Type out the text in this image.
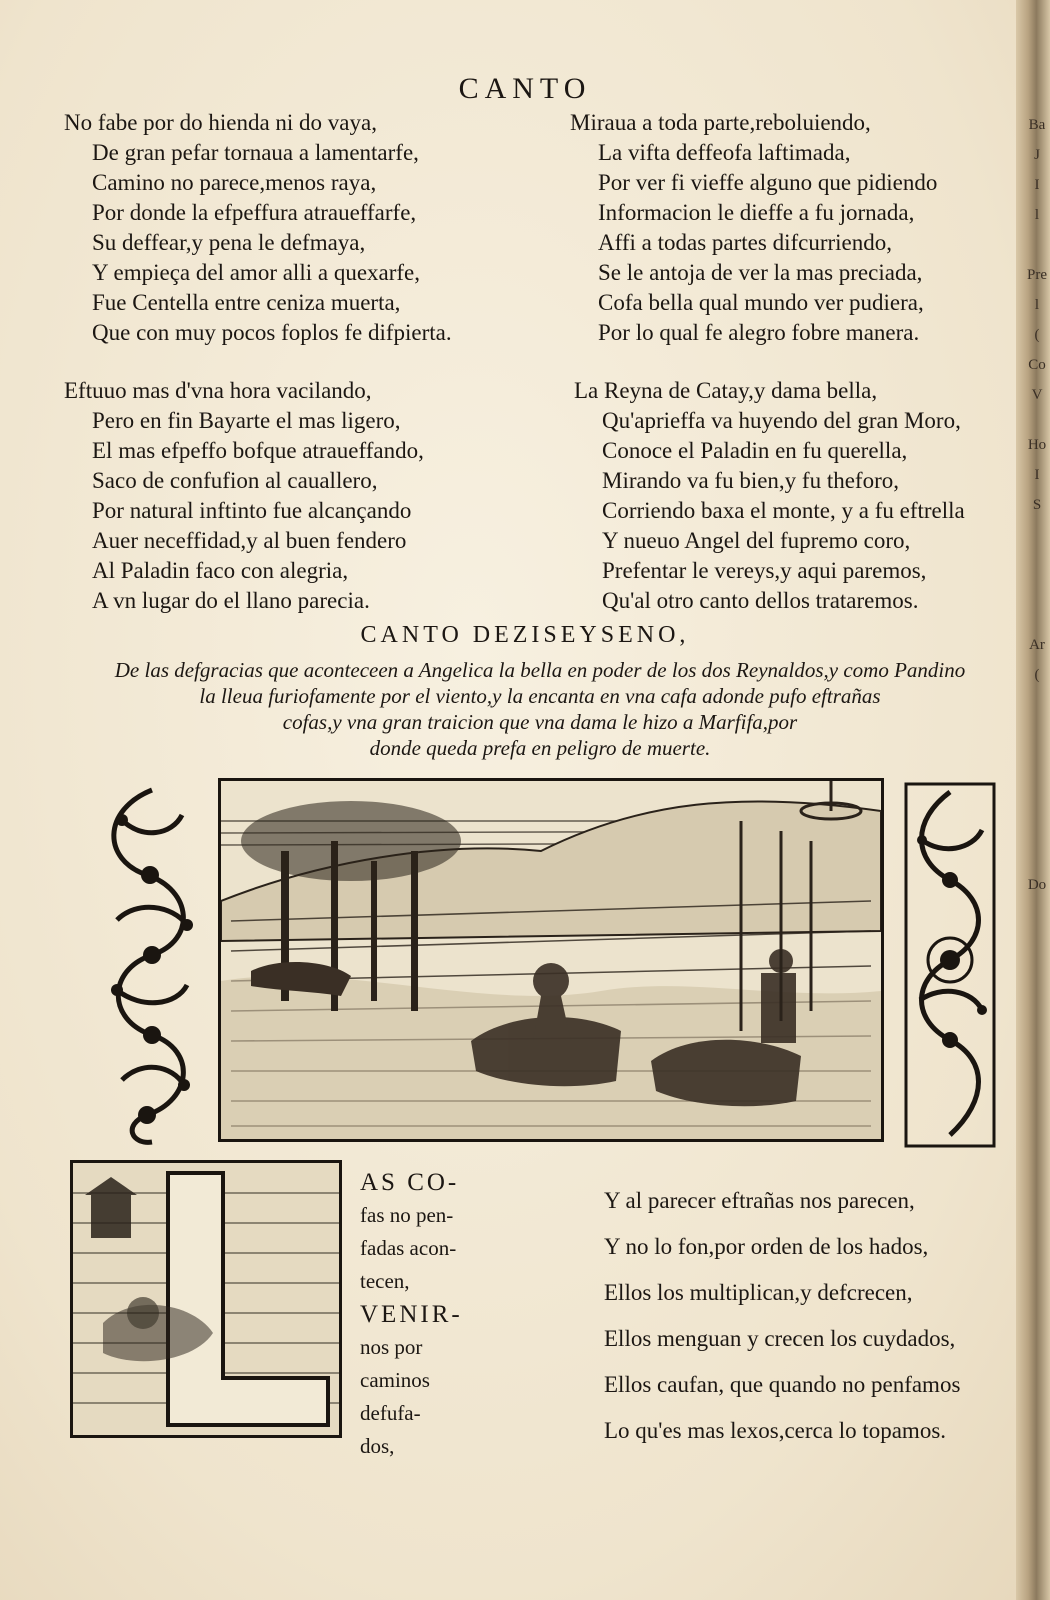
Ba
J
I
l
Pre
l
(
Co
V
Ho
I
S
Ar
(
Do
CANTO
No fabe por do hienda ni do vaya,
De gran pefar tornaua a lamentarfe,
Camino no parece,menos raya,
Por donde la efpeffura atraueffarfe,
Su deffear,y pena le defmaya,
Y empieça del amor alli a quexarfe,
Fue Centella entre ceniza muerta,
Que con muy pocos foplos fe difpierta.
Miraua a toda parte,reboluiendo,
La vifta deffeofa laftimada,
Por ver fi vieffe alguno que pidiendo
Informacion le dieffe a fu jornada,
Affi a todas partes difcurriendo,
Se le antoja de ver la mas preciada,
Cofa bella qual mundo ver pudiera,
Por lo qual fe alegro fobre manera.
Eftuuo mas d'vna hora vacilando,
Pero en fin Bayarte el mas ligero,
El mas efpeffo bofque atraueffando,
Saco de confufion al cauallero,
Por natural inftinto fue alcançando
Auer neceffidad,y al buen fendero
Al Paladin faco con alegria,
A vn lugar do el llano parecia.
La Reyna de Catay,y dama bella,
Qu'aprieffa va huyendo del gran Moro,
Conoce el Paladin en fu querella,
Mirando va fu bien,y fu theforo,
Corriendo baxa el monte, y a fu eftrella
Y nueuo Angel del fupremo coro,
Prefentar le vereys,y aqui paremos,
Qu'al otro canto dellos trataremos.
CANTO DEZISEYSENO,
De las defgracias que aconteceen a Angelica la bella en poder de los dos Reynaldos,y como Pandino
la lleua furiofamente por el viento,y la encanta en vna cafa adonde pufo eftrañas
cofas,y vna gran traicion que vna dama le hizo a Marfifa,por
donde queda prefa en peligro de muerte.
AS CO-
fas no pen-
fadas acon-
tecen,
VENIR-
nos por
caminos
defufa-
dos,
Y al parecer eftrañas nos parecen,
Y no lo fon,por orden de los hados,
Ellos los multiplican,y defcrecen,
Ellos menguan y crecen los cuydados,
Ellos caufan, que quando no penfamos
Lo qu'es mas lexos,cerca lo topamos.
